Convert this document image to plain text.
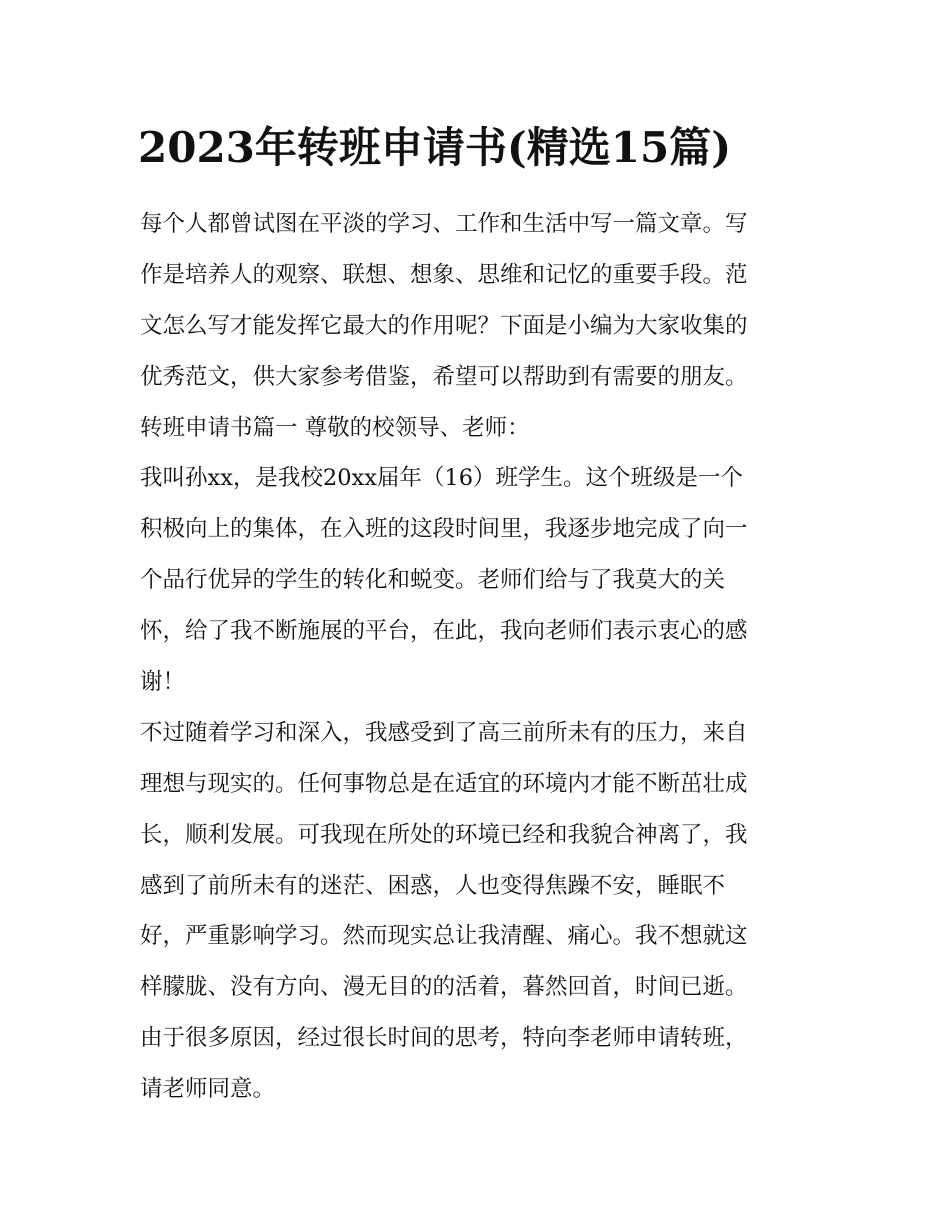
2023年转班申请书(精选15篇)

每个人都曾试图在平淡的学习、工作和生活中写一篇文章。写
作是培养人的观察、联想、想象、思维和记忆的重要手段。范
文怎么写才能发挥它最大的作用呢？下面是小编为大家收集的
优秀范文，供大家参考借鉴，希望可以帮助到有需要的朋友。

转班申请书篇一 尊敬的校领导、老师：

我叫孙xx，是我校20xx届年（16）班学生。这个班级是一个
积极向上的集体，在入班的这段时间里，我逐步地完成了向一
个品行优异的学生的转化和蜕变。老师们给与了我莫大的关
怀，给了我不断施展的平台，在此，我向老师们表示衷心的感
谢！

不过随着学习和深入，我感受到了高三前所未有的压力，来自
理想与现实的。任何事物总是在适宜的环境内才能不断茁壮成
长，顺利发展。可我现在所处的环境已经和我貌合神离了，我
感到了前所未有的迷茫、困惑，人也变得焦躁不安，睡眠不
好，严重影响学习。然而现实总让我清醒、痛心。我不想就这
样朦胧、没有方向、漫无目的的活着，暮然回首，时间已逝。
由于很多原因，经过很长时间的思考，特向李老师申请转班，
请老师同意。
